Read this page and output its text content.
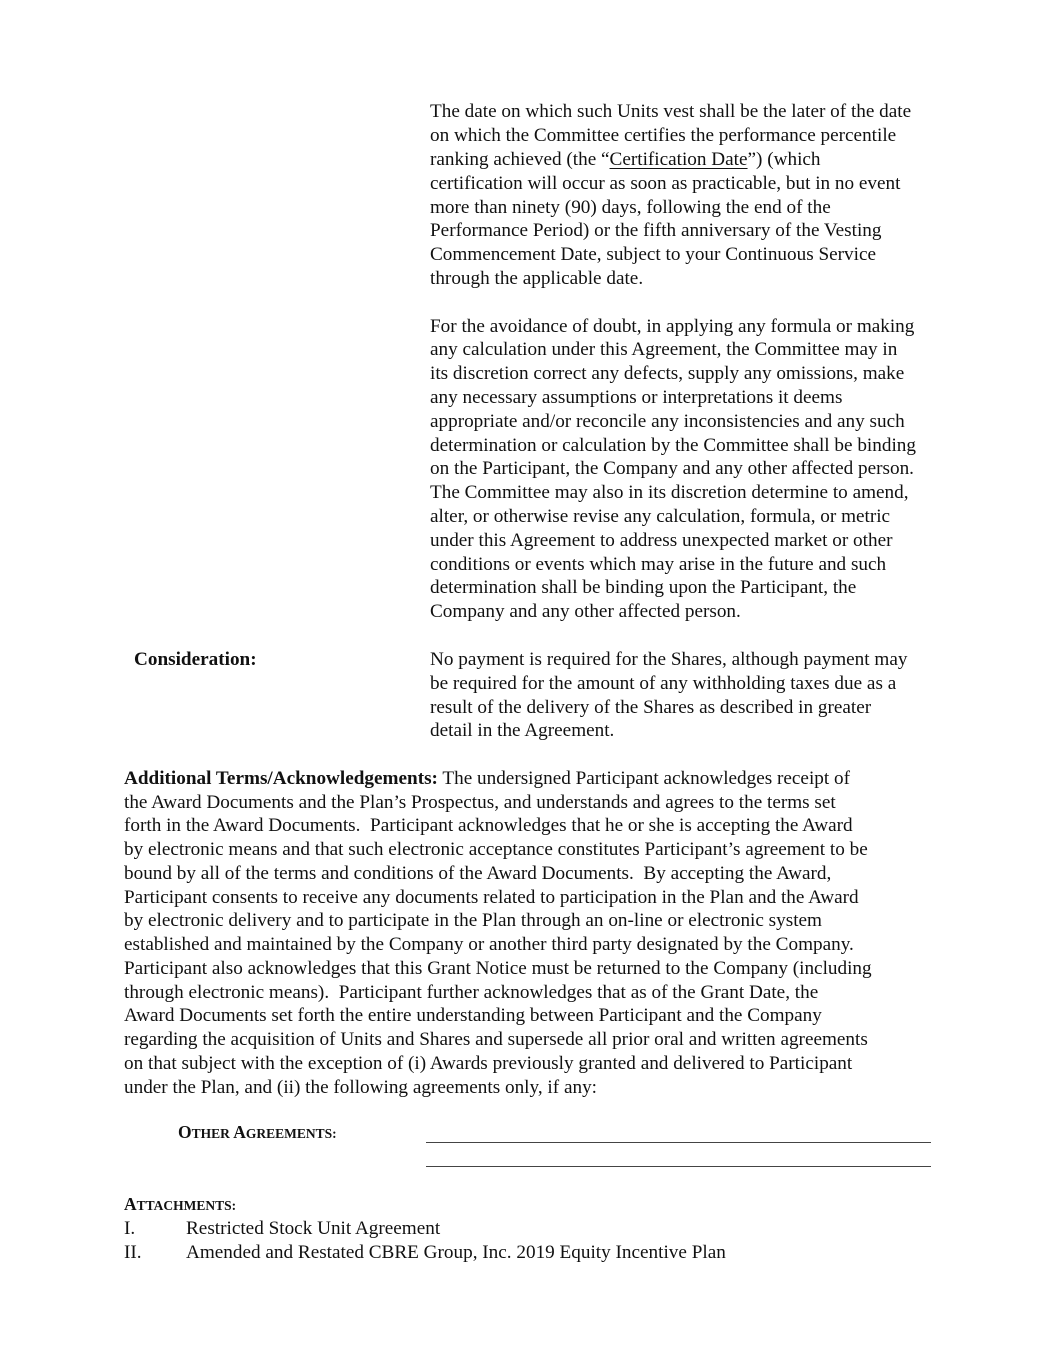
The date on which such Units vest shall be the later of the date
on which the Committee certifies the performance percentile
ranking achieved (the “Certification Date”) (which
certification will occur as soon as practicable, but in no event
more than ninety (90) days, following the end of the
Performance Period) or the fifth anniversary of the Vesting
Commencement Date, subject to your Continuous Service
through the applicable date.
For the avoidance of doubt, in applying any formula or making
any calculation under this Agreement, the Committee may in
its discretion correct any defects, supply any omissions, make
any necessary assumptions or interpretations it deems
appropriate and/or reconcile any inconsistencies and any such
determination or calculation by the Committee shall be binding
on the Participant, the Company and any other affected person.
The Committee may also in its discretion determine to amend,
alter, or otherwise revise any calculation, formula, or metric
under this Agreement to address unexpected market or other
conditions or events which may arise in the future and such
determination shall be binding upon the Participant, the
Company and any other affected person.
Consideration:	No payment is required for the Shares, although payment may
be required for the amount of any withholding taxes due as a
result of the delivery of the Shares as described in greater
detail in the Agreement.
Additional Terms/Acknowledgements: The undersigned Participant acknowledges receipt of
the Award Documents and the Plan’s Prospectus, and understands and agrees to the terms set
forth in the Award Documents.  Participant acknowledges that he or she is accepting the Award
by electronic means and that such electronic acceptance constitutes Participant’s agreement to be
bound by all of the terms and conditions of the Award Documents.  By accepting the Award,
Participant consents to receive any documents related to participation in the Plan and the Award
by electronic delivery and to participate in the Plan through an on-line or electronic system
established and maintained by the Company or another third party designated by the Company.
Participant also acknowledges that this Grant Notice must be returned to the Company (including
through electronic means).  Participant further acknowledges that as of the Grant Date, the
Award Documents set forth the entire understanding between Participant and the Company
regarding the acquisition of Units and Shares and supersede all prior oral and written agreements
on that subject with the exception of (i) Awards previously granted and delivered to Participant
under the Plan, and (ii) the following agreements only, if any:
OTHER AGREEMENTS:
ATTACHMENTS:
I.	Restricted Stock Unit Agreement
II. Amended and Restated CBRE Group, Inc. 2019 Equity Incentive Plan
